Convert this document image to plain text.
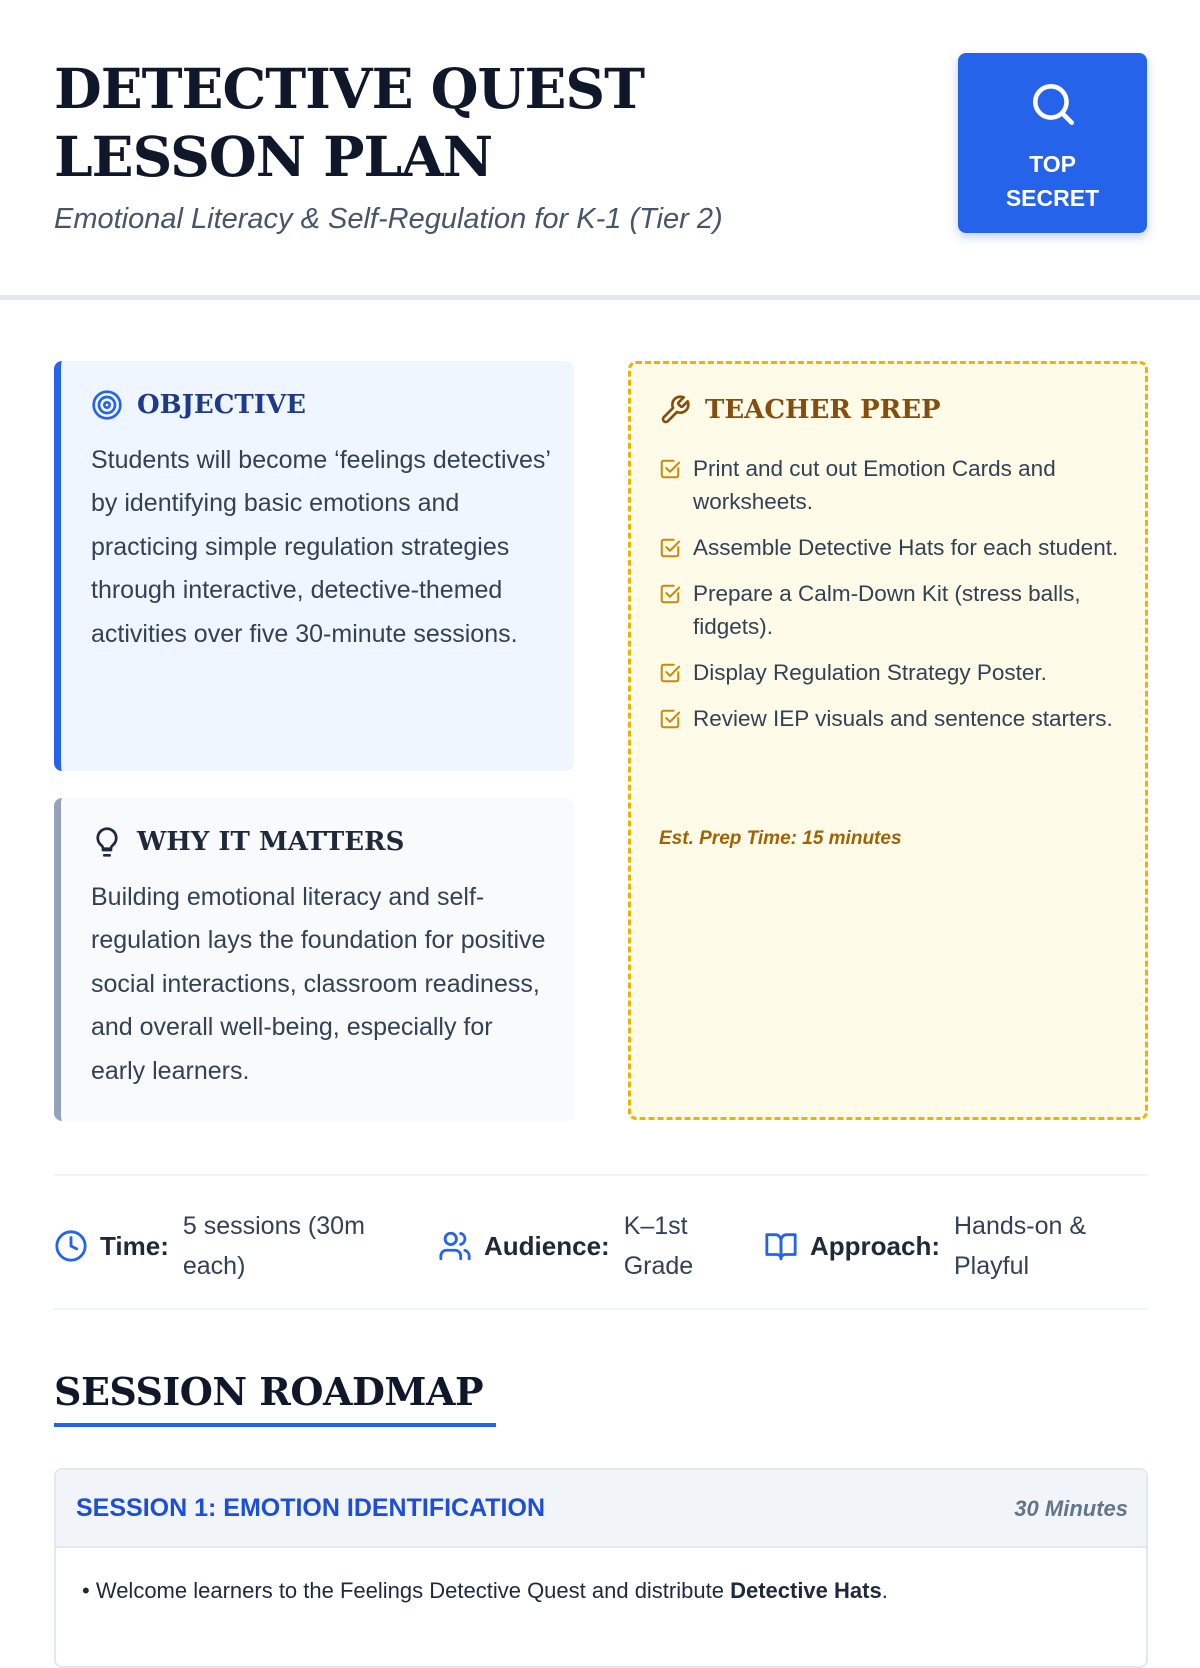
DETECTIVE QUEST LESSON PLAN

Emotional Literacy & Self-Regulation for K-1 (Tier 2)

TOP
SECRET
OBJECTIVE

Students will become ‘feelings detectives’ by identifying basic emotions and practicing simple regulation strategies through interactive, detective-themed activities over five 30-minute sessions.

WHY IT MATTERS

Building emotional literacy and self-regulation lays the foundation for positive social interactions, classroom readiness, and overall well-being, especially for early learners.

TEACHER PREP
Print and cut out Emotion Cards and worksheets.
Assemble Detective Hats for each student.
Prepare a Calm-Down Kit (stress balls, fidgets).
Display Regulation Strategy Poster.
Review IEP visuals and sentence starters.

Est. Prep Time: 15 minutes

Time:
5 sessions (30m each)
Audience:
K–1st Grade
Approach:
Hands-on & Playful
SESSION ROADMAP
SESSION 1: EMOTION IDENTIFICATION	30 Minutes
• Welcome learners to the Feelings Detective Quest and distribute Detective Hats.
